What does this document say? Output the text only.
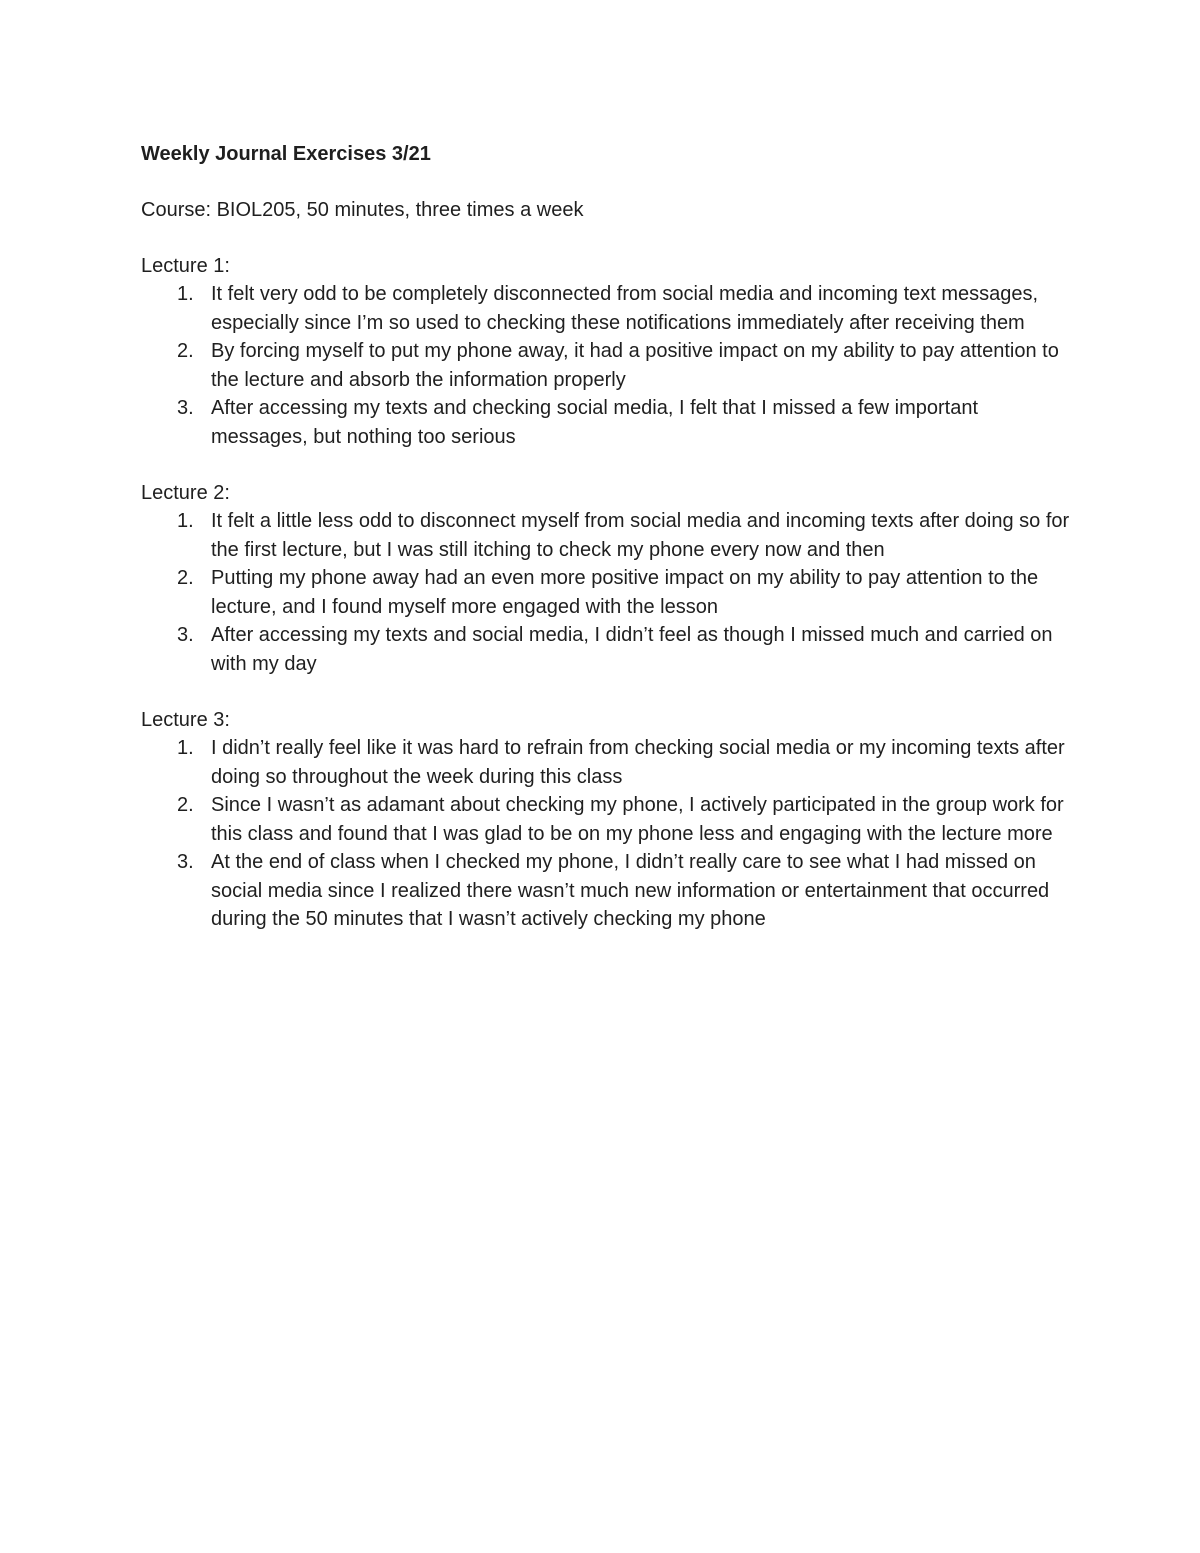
Weekly Journal Exercises 3/21
Course: BIOL205, 50 minutes, three times a week
Lecture 1:
1. It felt very odd to be completely disconnected from social media and incoming text messages, especially since I’m so used to checking these notifications immediately after receiving them
2. By forcing myself to put my phone away, it had a positive impact on my ability to pay attention to the lecture and absorb the information properly
3. After accessing my texts and checking social media, I felt that I missed a few important messages, but nothing too serious
Lecture 2:
1. It felt a little less odd to disconnect myself from social media and incoming texts after doing so for the first lecture, but I was still itching to check my phone every now and then
2. Putting my phone away had an even more positive impact on my ability to pay attention to the lecture, and I found myself more engaged with the lesson
3. After accessing my texts and social media, I didn’t feel as though I missed much and carried on with my day
Lecture 3:
1. I didn’t really feel like it was hard to refrain from checking social media or my incoming texts after doing so throughout the week during this class
2. Since I wasn’t as adamant about checking my phone, I actively participated in the group work for this class and found that I was glad to be on my phone less and engaging with the lecture more
3. At the end of class when I checked my phone, I didn’t really care to see what I had missed on social media since I realized there wasn’t much new information or entertainment that occurred during the 50 minutes that I wasn’t actively checking my phone
